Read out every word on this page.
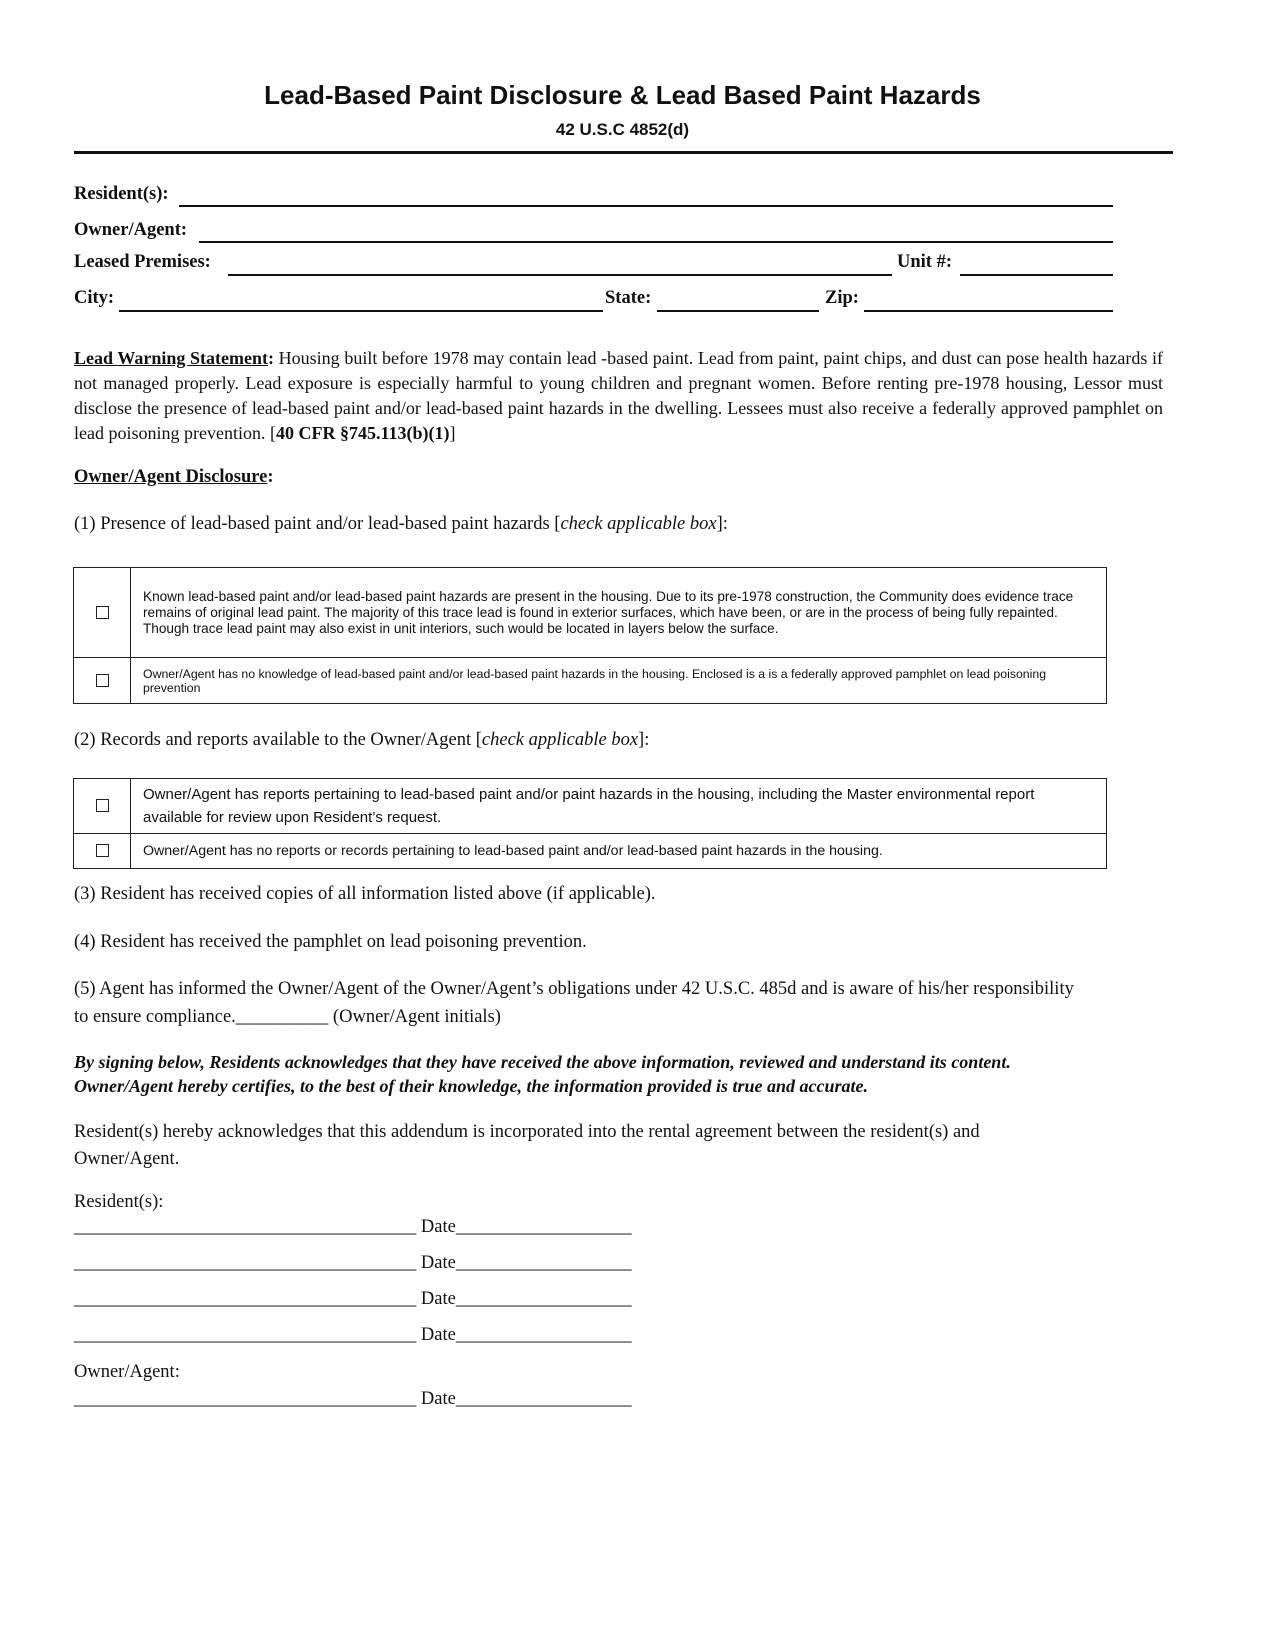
Lead-Based Paint Disclosure & Lead Based Paint Hazards
42 U.S.C 4852(d)
Resident(s):
Owner/Agent:
Leased Premises:	Unit #:
City:	State:	Zip:
Lead Warning Statement: Housing built before 1978 may contain lead -based paint. Lead from paint, paint chips, and dust can pose health hazards if not managed properly. Lead exposure is especially harmful to young children and pregnant women. Before renting pre-1978 housing, Lessor must disclose the presence of lead-based paint and/or lead-based paint hazards in the dwelling. Lessees must also receive a federally approved pamphlet on lead poisoning prevention. [40 CFR §745.113(b)(1)]
Owner/Agent Disclosure:
(1) Presence of lead-based paint and/or lead-based paint hazards [check applicable box]:
	Known lead-based paint and/or lead-based paint hazards are present in the housing. Due to its pre-1978 construction, the Community does evidence trace remains of original lead paint. The majority of this trace lead is found in exterior surfaces, which have been, or are in the process of being fully repainted. Though trace lead paint may also exist in unit interiors, such would be located in layers below the surface.
	Owner/Agent has no knowledge of lead-based paint and/or lead-based paint hazards in the housing. Enclosed is a is a federally approved pamphlet on lead poisoning prevention
(2) Records and reports available to the Owner/Agent [check applicable box]:
	Owner/Agent has reports pertaining to lead-based paint and/or paint hazards in the housing, including the Master environmental report available for review upon Resident’s request.
	Owner/Agent has no reports or records pertaining to lead-based paint and/or lead-based paint hazards in the housing.
(3) Resident has received copies of all information listed above (if applicable).
(4) Resident has received the pamphlet on lead poisoning prevention.
(5) Agent has informed the Owner/Agent of the Owner/Agent’s obligations under 42 U.S.C. 485d and is aware of his/her responsibility
to ensure compliance.__________ (Owner/Agent initials)
By signing below, Residents acknowledges that they have received the above information, reviewed and understand its content.
Owner/Agent hereby certifies, to the best of their knowledge, the information provided is true and accurate.
Resident(s) hereby acknowledges that this addendum is incorporated into the rental agreement between the resident(s) and
Owner/Agent.
Resident(s):
_____________________________________ Date___________________
_____________________________________ Date___________________
_____________________________________ Date___________________
_____________________________________ Date___________________
Owner/Agent:
_____________________________________ Date___________________
